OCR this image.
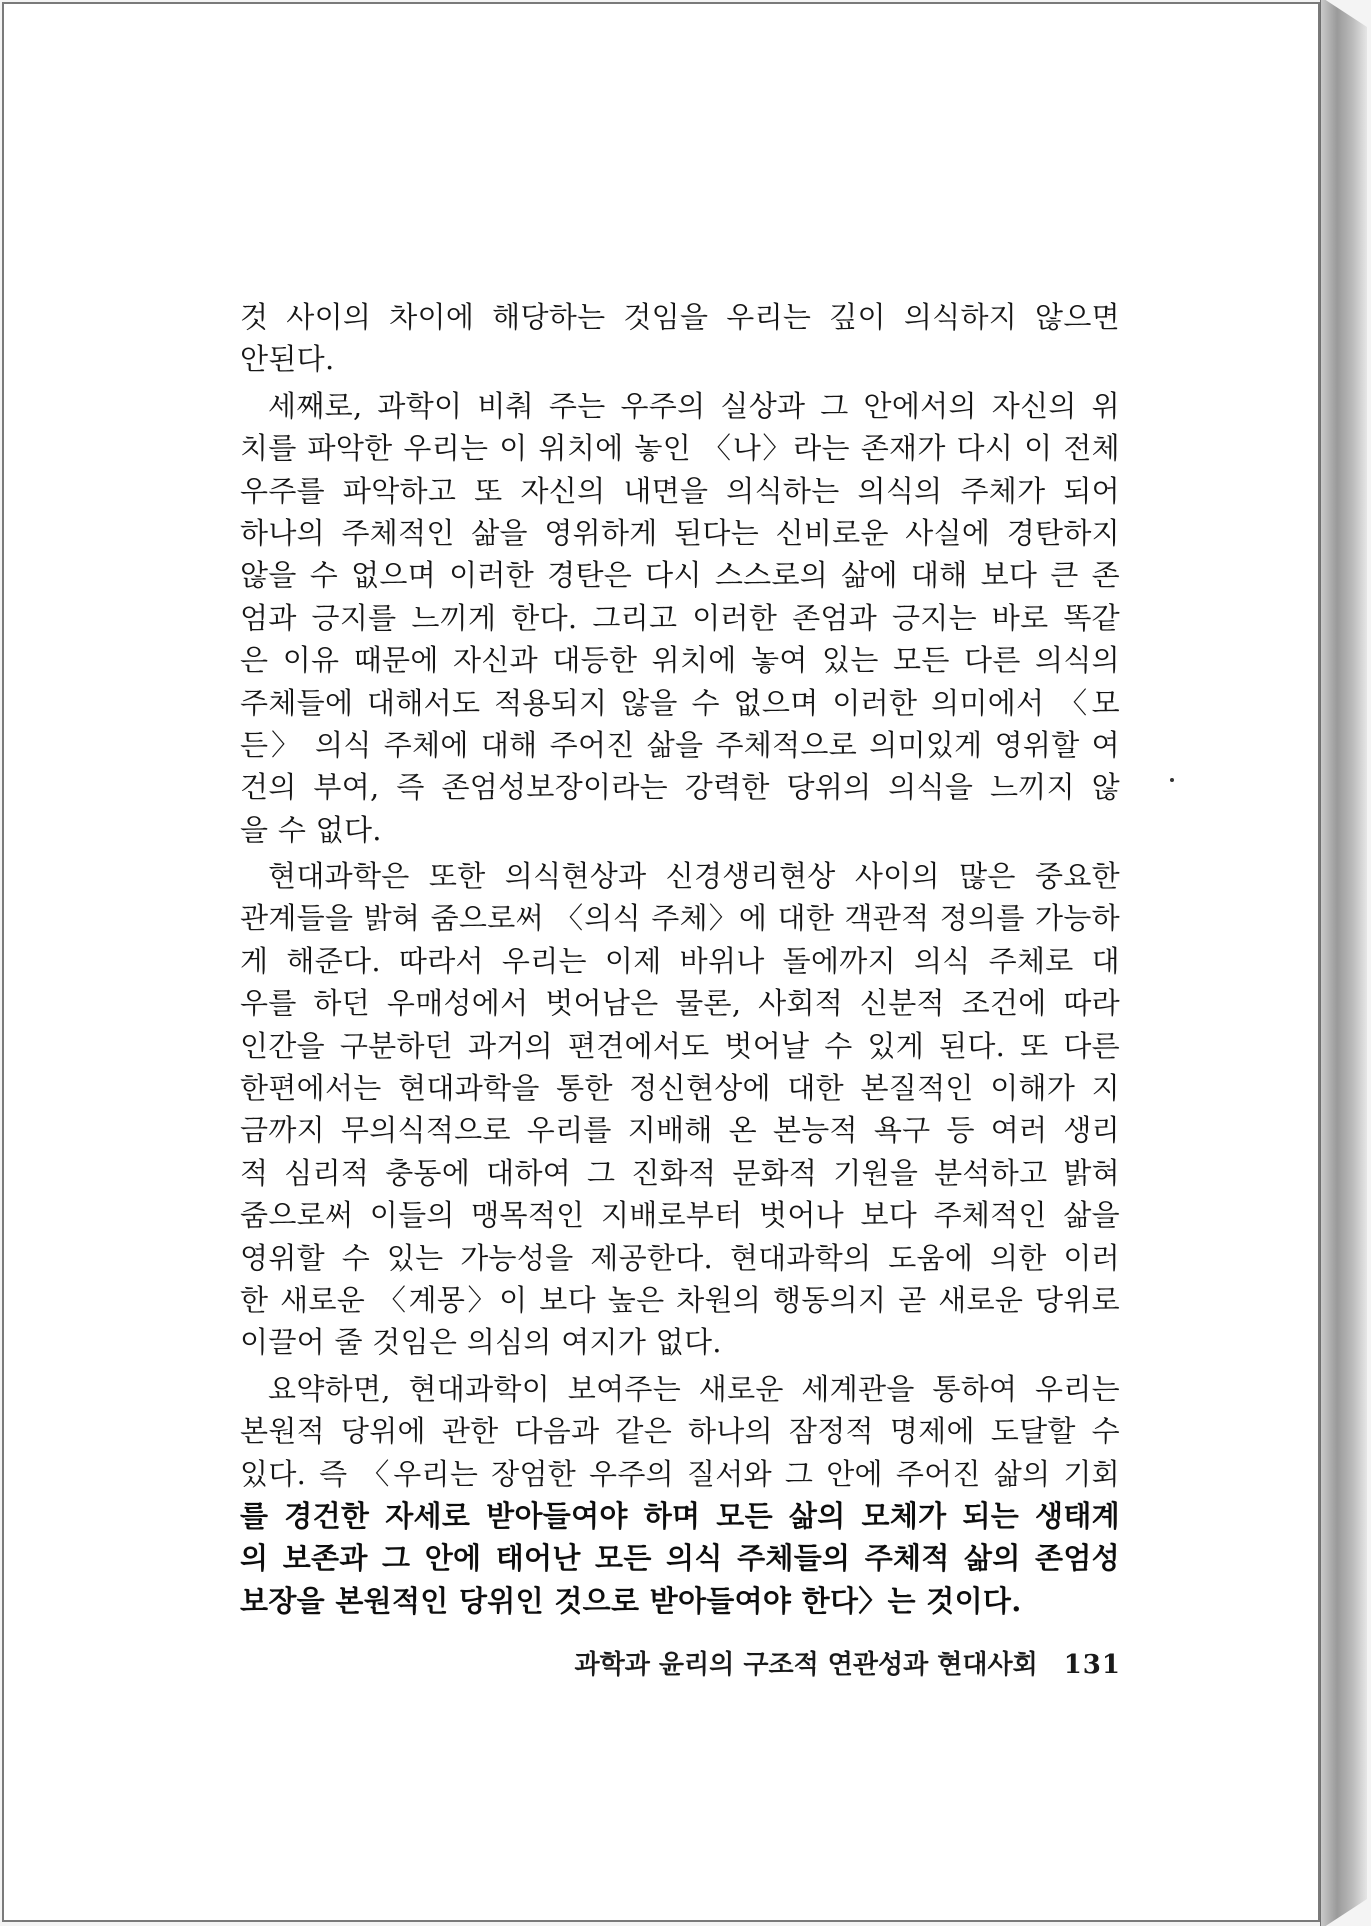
것 사이의 차이에 해당하는 것임을 우리는 깊이 의식하지 않으면
안된다.
세째로, 과학이 비춰 주는 우주의 실상과 그 안에서의 자신의 위
치를 파악한 우리는 이 위치에 놓인 〈나〉라는 존재가 다시 이 전체
우주를 파악하고 또 자신의 내면을 의식하는 의식의 주체가 되어
하나의 주체적인 삶을 영위하게 된다는 신비로운 사실에 경탄하지
않을 수 없으며 이러한 경탄은 다시 스스로의 삶에 대해 보다 큰 존
엄과 긍지를 느끼게 한다. 그리고 이러한 존엄과 긍지는 바로 똑같
은 이유 때문에 자신과 대등한 위치에 놓여 있는 모든 다른 의식의
주체들에 대해서도 적용되지 않을 수 없으며 이러한 의미에서 〈모
든〉 의식 주체에 대해 주어진 삶을 주체적으로 의미있게 영위할 여
건의 부여, 즉 존엄성보장이라는 강력한 당위의 의식을 느끼지 않
을 수 없다.
현대과학은 또한 의식현상과 신경생리현상 사이의 많은 중요한
관계들을 밝혀 줌으로써 〈의식 주체〉에 대한 객관적 정의를 가능하
게 해준다. 따라서 우리는 이제 바위나 돌에까지 의식 주체로 대
우를 하던 우매성에서 벗어남은 물론, 사회적 신분적 조건에 따라
인간을 구분하던 과거의 편견에서도 벗어날 수 있게 된다. 또 다른
한편에서는 현대과학을 통한 정신현상에 대한 본질적인 이해가 지
금까지 무의식적으로 우리를 지배해 온 본능적 욕구 등 여러 생리
적 심리적 충동에 대하여 그 진화적 문화적 기원을 분석하고 밝혀
줌으로써 이들의 맹목적인 지배로부터 벗어나 보다 주체적인 삶을
영위할 수 있는 가능성을 제공한다. 현대과학의 도움에 의한 이러
한 새로운 〈계몽〉이 보다 높은 차원의 행동의지 곧 새로운 당위로
이끌어 줄 것임은 의심의 여지가 없다.
요약하면, 현대과학이 보여주는 새로운 세계관을 통하여 우리는
본원적 당위에 관한 다음과 같은 하나의 잠정적 명제에 도달할 수
있다. 즉 〈우리는 장엄한 우주의 질서와 그 안에 주어진 삶의 기회
를 경건한 자세로 받아들여야 하며 모든 삶의 모체가 되는 생태계
의 보존과 그 안에 태어난 모든 의식 주체들의 주체적 삶의 존엄성
보장을 본원적인 당위인 것으로 받아들여야 한다〉는 것이다.
과학과 윤리의 구조적 연관성과 현대사회 131
